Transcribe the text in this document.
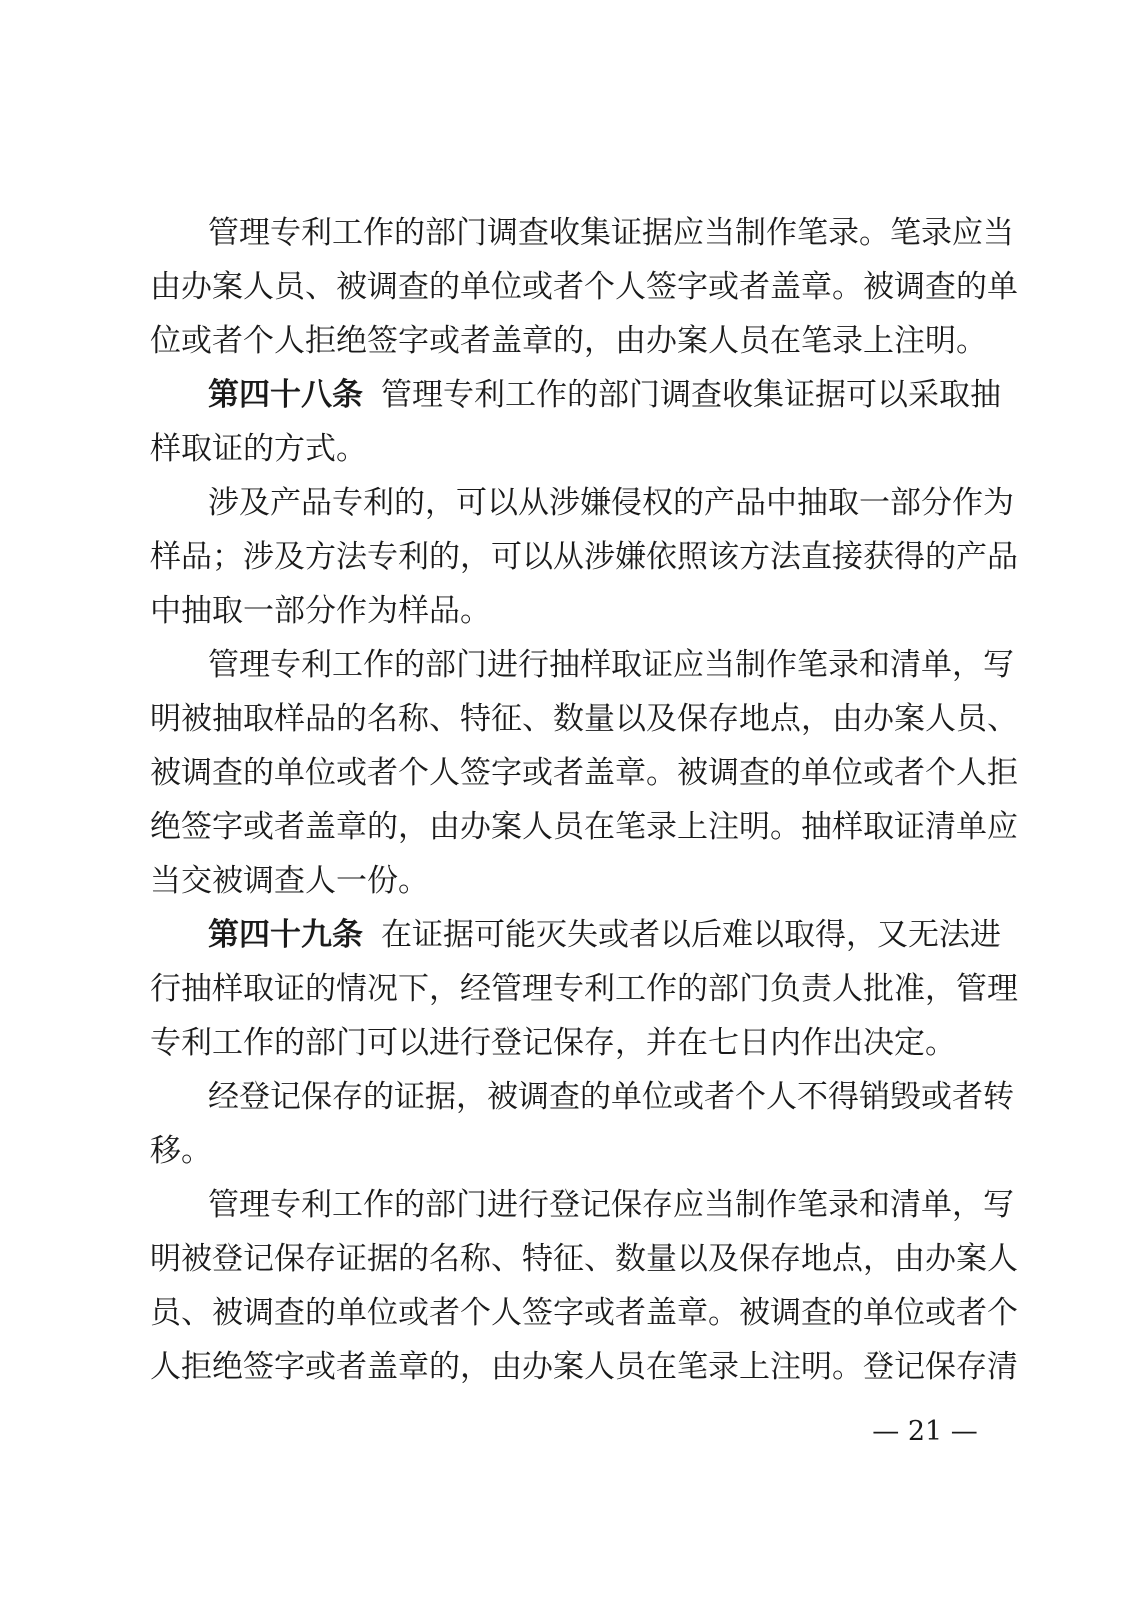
管理专利工作的部门调查收集证据应当制作笔录。笔录应当
由办案人员、被调查的单位或者个人签字或者盖章。被调查的单
位或者个人拒绝签字或者盖章的，由办案人员在笔录上注明。
第四十八条 管理专利工作的部门调查收集证据可以采取抽
样取证的方式。
涉及产品专利的，可以从涉嫌侵权的产品中抽取一部分作为
样品；涉及方法专利的，可以从涉嫌依照该方法直接获得的产品
中抽取一部分作为样品。
管理专利工作的部门进行抽样取证应当制作笔录和清单，写
明被抽取样品的名称、特征、数量以及保存地点，由办案人员、
被调查的单位或者个人签字或者盖章。被调查的单位或者个人拒
绝签字或者盖章的，由办案人员在笔录上注明。抽样取证清单应
当交被调查人一份。
第四十九条 在证据可能灭失或者以后难以取得，又无法进
行抽样取证的情况下，经管理专利工作的部门负责人批准，管理
专利工作的部门可以进行登记保存，并在七日内作出决定。
经登记保存的证据，被调查的单位或者个人不得销毁或者转
移。
管理专利工作的部门进行登记保存应当制作笔录和清单，写
明被登记保存证据的名称、特征、数量以及保存地点，由办案人
员、被调查的单位或者个人签字或者盖章。被调查的单位或者个
人拒绝签字或者盖章的，由办案人员在笔录上注明。登记保存清
— 21 —
